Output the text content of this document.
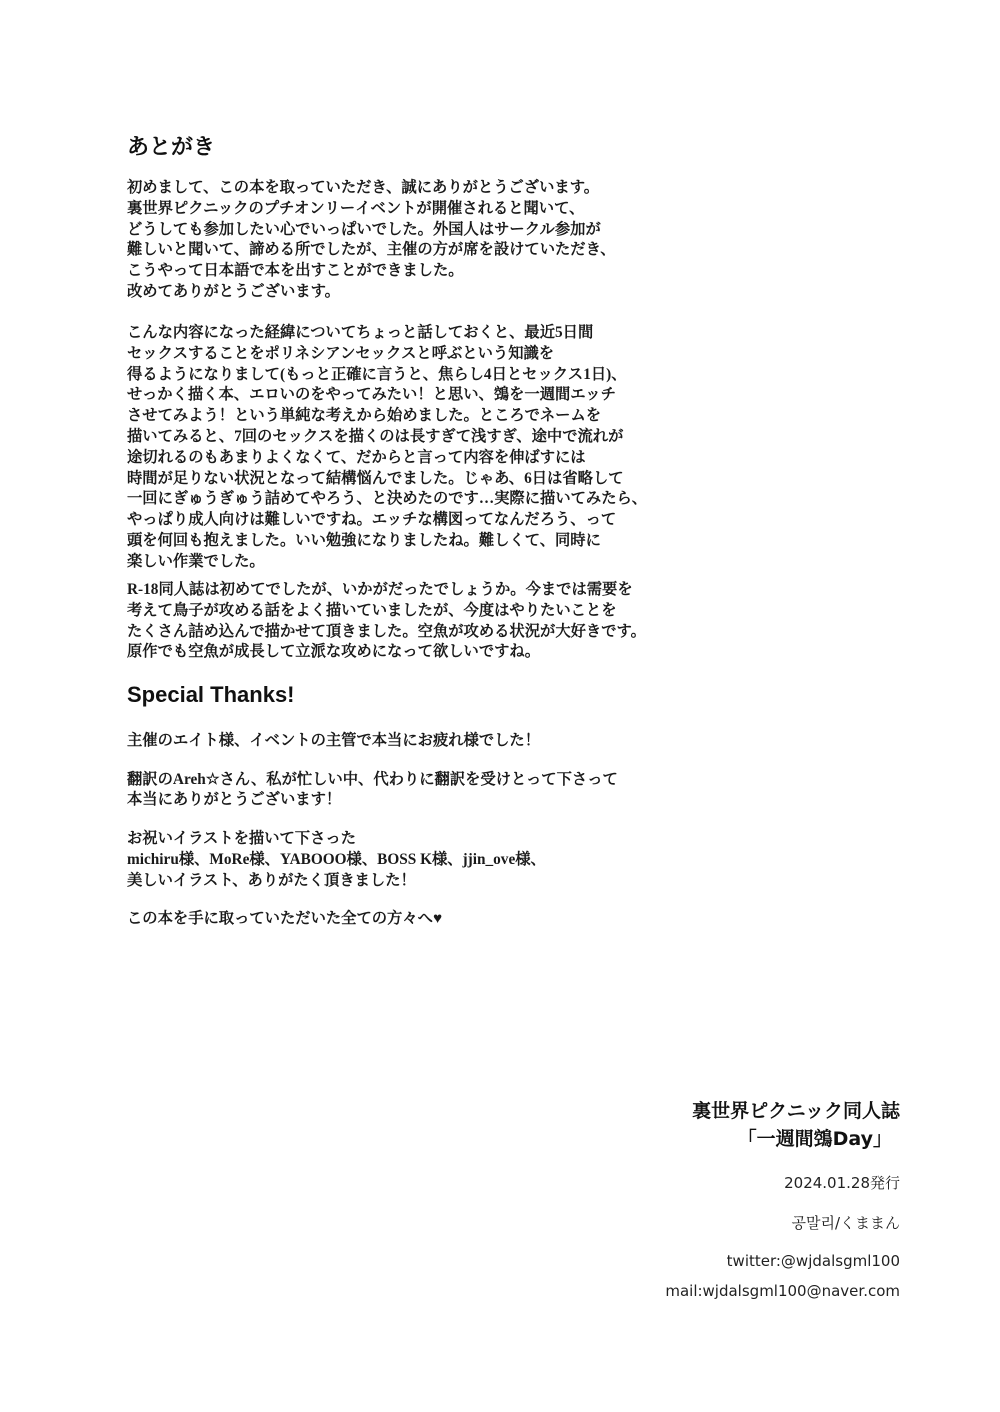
あとがき
初めまして、この本を取っていただき、誠にありがとうございます。
裏世界ピクニックのプチオンリーイベントが開催されると聞いて、
どうしても参加したい心でいっぱいでした。外国人はサークル参加が
難しいと聞いて、諦める所でしたが、主催の方が席を設けていただき、
こうやって日本語で本を出すことができました。
改めてありがとうございます。
こんな内容になった経緯についてちょっと話しておくと、最近5日間
セックスすることをポリネシアンセックスと呼ぶという知識を
得るようになりまして(もっと正確に言うと、焦らし4日とセックス1日)、
せっかく描く本、エロいのをやってみたい！と思い、鵼を一週間エッチ
させてみよう！という単純な考えから始めました。ところでネームを
描いてみると、7回のセックスを描くのは長すぎて浅すぎ、途中で流れが
途切れるのもあまりよくなくて、だからと言って内容を伸ばすには
時間が足りない状況となって結構悩んでました。じゃあ、6日は省略して
一回にぎゅうぎゅう詰めてやろう、と決めたのです…実際に描いてみたら、
やっぱり成人向けは難しいですね。エッチな構図ってなんだろう、って
頭を何回も抱えました。いい勉強になりましたね。難しくて、同時に
楽しい作業でした。
R-18同人誌は初めてでしたが、いかがだったでしょうか。今までは需要を
考えて鳥子が攻める話をよく描いていましたが、今度はやりたいことを
たくさん詰め込んで描かせて頂きました。空魚が攻める状況が大好きです。
原作でも空魚が成長して立派な攻めになって欲しいですね。
Special Thanks!
主催のエイト様、イベントの主管で本当にお疲れ様でした！
翻訳のAreh☆さん、私が忙しい中、代わりに翻訳を受けとって下さって
本当にありがとうございます！
お祝いイラストを描いて下さった
michiru様、MoRe様、YABOOO様、BOSS K様、jjin_ove様、
美しいイラスト、ありがたく頂きました！
この本を手に取っていただいた全ての方々へ♥
裏世界ピクニック同人誌
「一週間鵼Day」
2024.01.28発行
공말리/くままん
twitter:@wjdalsgml100
mail:wjdalsgml100@naver.com
